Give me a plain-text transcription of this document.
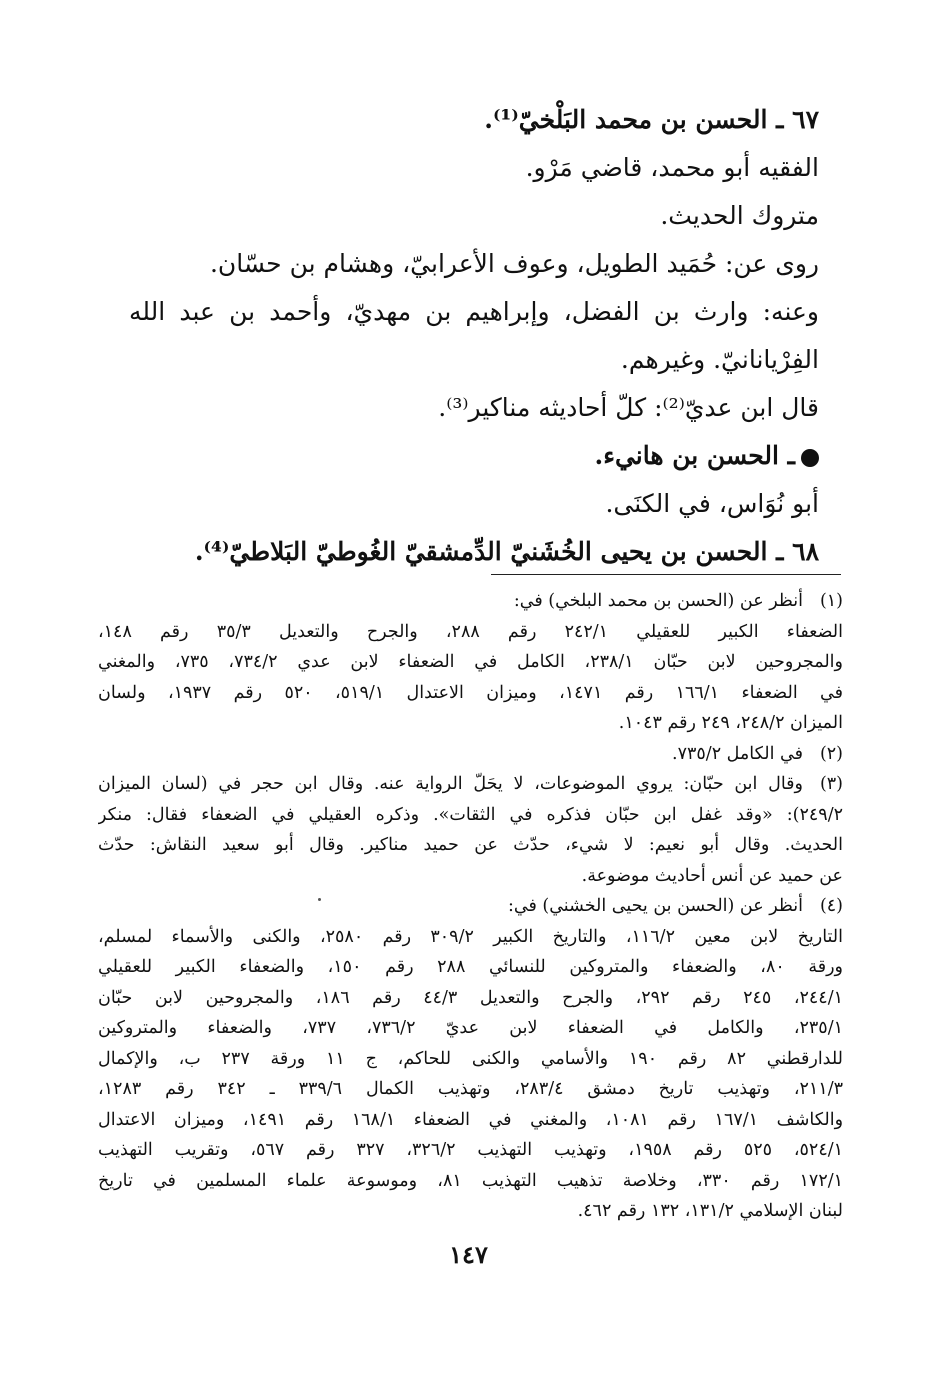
٦٧ ـ الحسن بن محمد البَلْخيّ⁽¹⁾.
الفقيه أبو محمد، قاضي مَرْو.
متروك الحديث.
روى عن: حُمَيد الطويل، وعوف الأعرابيّ، وهشام بن حسّان.
وعنه: وارث بن الفضل، وإبراهيم بن مهديّ، وأحمد بن عبد الله
الفِرْيانانيّ. وغيرهم.
قال ابن عديّ⁽²⁾: كلّ أحاديثه مناكير⁽³⁾.
ـ الحسن بن هانيء.
أبو نُوَاس، في الكنَى.
٦٨ ـ الحسن بن يحيى الخُشَنيّ الدِّمشقيّ الغُوطيّ البَلاطيّ⁽⁴⁾.
(١)
أنظر عن (الحسن بن محمد البلخي) في:
الضعفاء الكبير للعقيلي ٢٤٢/١ رقم ٢٨٨، والجرح والتعديل ٣٥/٣ رقم ١٤٨،
والمجروحين لابن حبّان ٢٣٨/١، الكامل في الضعفاء لابن عدي ٧٣٤/٢، ٧٣٥، والمغني
في الضعفاء ١٦٦/١ رقم ١٤٧١، وميزان الاعتدال ٥١٩/١، ٥٢٠ رقم ١٩٣٧، ولسان
الميزان ٢٤٨/٢، ٢٤٩ رقم ١٠٤٣.
(٢)
في الكامل ٧٣٥/٢.
(٣)
وقال ابن حبّان: يروي الموضوعات، لا يحَلّ الرواية عنه. وقال ابن حجر في (لسان الميزان
٢٤٩/٢): «وقد غفل ابن حبّان فذكره في الثقات». وذكره العقيلي في الضعفاء فقال: منكر
الحديث. وقال أبو نعيم: لا شيء، حدّث عن حميد مناكير. وقال أبو سعيد النقاش: حدّث
عن حميد عن أنس أحاديث موضوعة.
(٤)
أنظر عن (الحسن بن يحيى الخشني) في:
التاريخ لابن معين ١١٦/٢، والتاريخ الكبير ٣٠٩/٢ رقم ٢٥٨٠، والكنى والأسماء لمسلم،
ورقة ٨٠، والضعفاء والمتروكين للنسائي ٢٨٨ رقم ١٥٠، والضعفاء الكبير للعقيلي
٢٤٤/١، ٢٤٥ رقم ٢٩٢، والجرح والتعديل ٤٤/٣ رقم ١٨٦، والمجروحين لابن حبّان
٢٣٥/١، والكامل في الضعفاء لابن عديّ ٧٣٦/٢، ٧٣٧، والضعفاء والمتروكين
للدارقطني ٨٢ رقم ١٩٠ والأسامي والكنى للحاكم، ج ١١ ورقة ٢٣٧ ب، والإكمال
٢١١/٣، وتهذيب تاريخ دمشق ٢٨٣/٤، وتهذيب الكمال ٣٣٩/٦ ـ ٣٤٢ رقم ١٢٨٣،
والكاشف ١٦٧/١ رقم ١٠٨١، والمغني في الضعفاء ١٦٨/١ رقم ١٤٩١، وميزان الاعتدال
٥٢٤/١، ٥٢٥ رقم ١٩٥٨، وتهذيب التهذيب ٣٢٦/٢، ٣٢٧ رقم ٥٦٧، وتقريب التهذيب
١٧٢/١ رقم ٣٣٠، وخلاصة تذهيب التهذيب ٨١، وموسوعة علماء المسلمين في تاريخ
لبنان الإسلامي ١٣١/٢، ١٣٢ رقم ٤٦٢.
١٤٧
